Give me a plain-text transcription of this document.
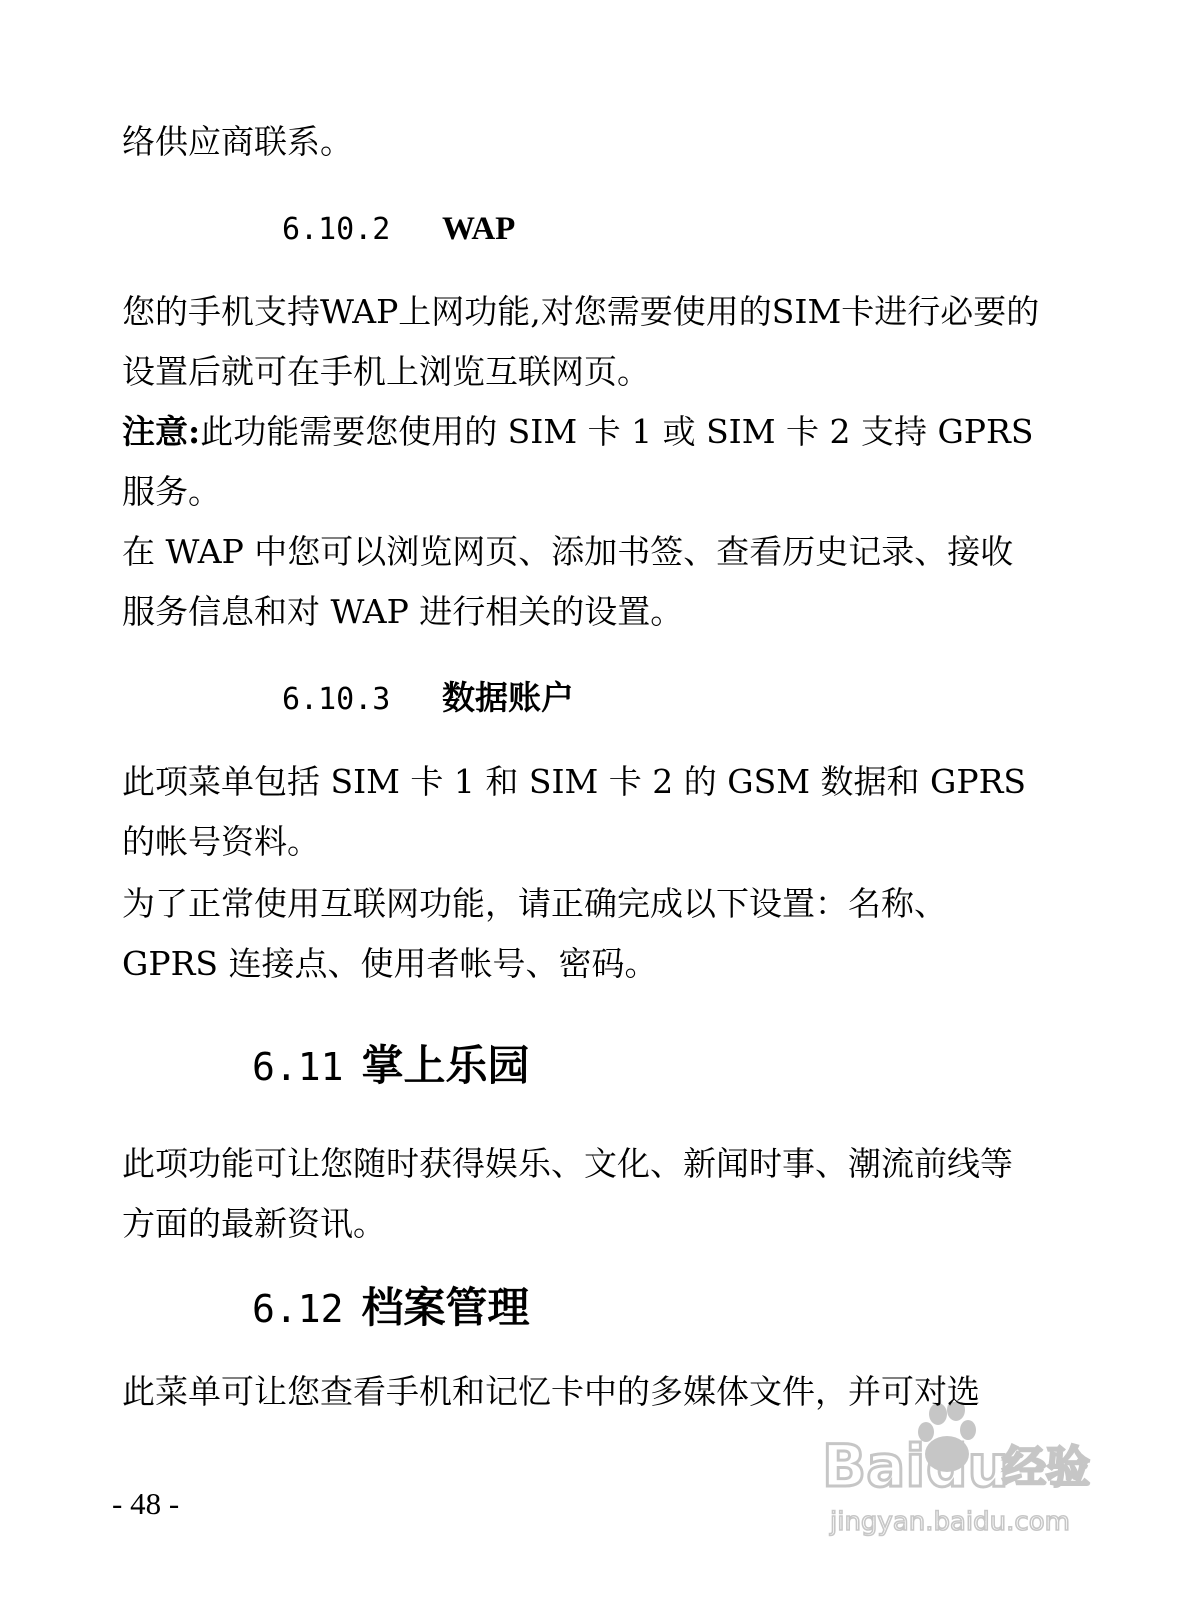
络供应商联系。

6.10.2 WAP

您的手机支持WAP上网功能,对您需要使用的SIM卡进行必要的设置后就可在手机上浏览互联网页。

注意:此功能需要您使用的 SIM 卡 1 或 SIM 卡 2 支持 GPRS 服务。

在 WAP 中您可以浏览网页、添加书签、查看历史记录、接收服务信息和对 WAP 进行相关的设置。

6.10.3 数据账户

此项菜单包括 SIM 卡 1 和 SIM 卡 2 的 GSM 数据和 GPRS 的帐号资料。

为了正常使用互联网功能，请正确完成以下设置：名称、GPRS 连接点、使用者帐号、密码。

6.11 掌上乐园

此项功能可让您随时获得娱乐、文化、新闻时事、潮流前线等方面的最新资讯。

6.12 档案管理

此菜单可让您查看手机和记忆卡中的多媒体文件，并可对选

- 48 -
Bai du
经验
jingyan.baidu.com
